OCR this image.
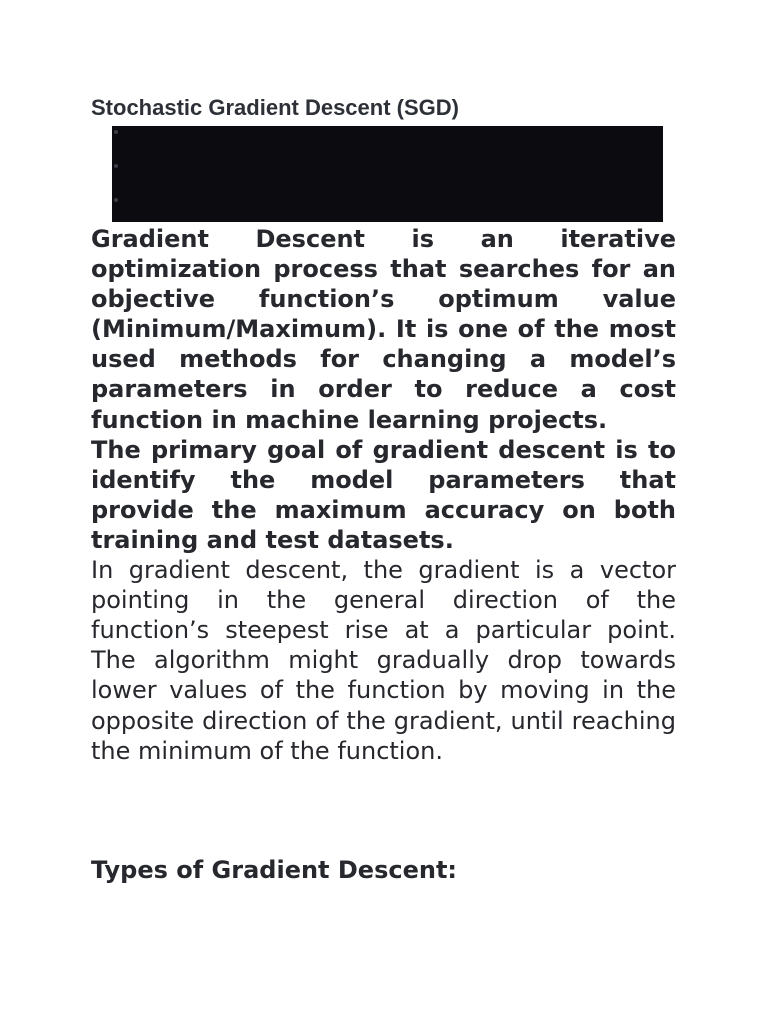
Stochastic Gradient Descent (SGD)

Gradient Descent is an iterative optimization process that searches for an objective function’s optimum value (Minimum/Maximum). It is one of the most used methods for changing a model’s parameters in order to reduce a cost function in machine learning projects.

The primary goal of gradient descent is to identify the model parameters that provide the maximum accuracy on both training and test datasets.

In gradient descent, the gradient is a vector pointing in the general direction of the function’s steepest rise at a particular point. The algorithm might gradually drop towards lower values of the function by moving in the opposite direction of the gradient, until reaching the minimum of the function.

Types of Gradient Descent:
